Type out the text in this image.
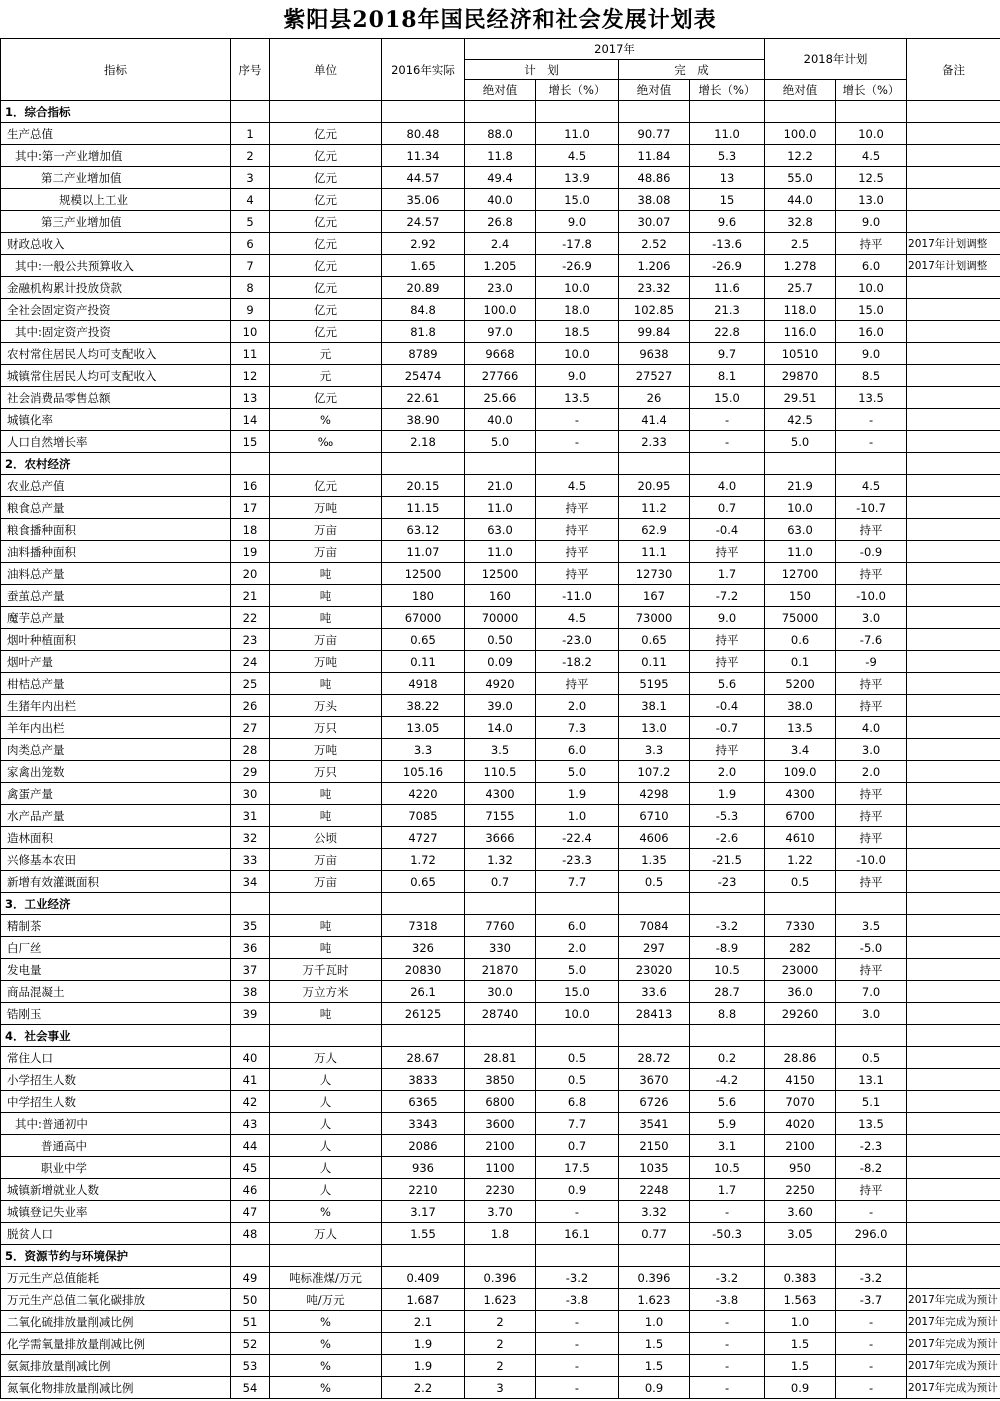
紫阳县2018年国民经济和社会发展计划表
指标	序号	单位	2016年实际	2017年				2018年计划		备注
				计　划		完　成				
				绝对值	增长（%）	绝对值	增长（%）	绝对值	增长（%）	
1．综合指标										
生产总值	1	亿元	80.48	88.0	11.0	90.77	11.0	100.0	10.0	
其中:第一产业增加值	2	亿元	11.34	11.8	4.5	11.84	5.3	12.2	4.5	
第二产业增加值	3	亿元	44.57	49.4	13.9	48.86	13	55.0	12.5	
规模以上工业	4	亿元	35.06	40.0	15.0	38.08	15	44.0	13.0	
第三产业增加值	5	亿元	24.57	26.8	9.0	30.07	9.6	32.8	9.0	
财政总收入	6	亿元	2.92	2.4	-17.8	2.52	-13.6	2.5	持平	2017年计划调整
其中:一般公共预算收入	7	亿元	1.65	1.205	-26.9	1.206	-26.9	1.278	6.0	2017年计划调整
金融机构累计投放贷款	8	亿元	20.89	23.0	10.0	23.32	11.6	25.7	10.0	
全社会固定资产投资	9	亿元	84.8	100.0	18.0	102.85	21.3	118.0	15.0	
其中:固定资产投资	10	亿元	81.8	97.0	18.5	99.84	22.8	116.0	16.0	
农村常住居民人均可支配收入	11	元	8789	9668	10.0	9638	9.7	10510	9.0	
城镇常住居民人均可支配收入	12	元	25474	27766	9.0	27527	8.1	29870	8.5	
社会消费品零售总额	13	亿元	22.61	25.66	13.5	26	15.0	29.51	13.5	
城镇化率	14	%	38.90	40.0	-	41.4	-	42.5	-	
人口自然增长率	15	‰	2.18	5.0	-	2.33	-	5.0	-	
2．农村经济										
农业总产值	16	亿元	20.15	21.0	4.5	20.95	4.0	21.9	4.5	
粮食总产量	17	万吨	11.15	11.0	持平	11.2	0.7	10.0	-10.7	
粮食播种面积	18	万亩	63.12	63.0	持平	62.9	-0.4	63.0	持平	
油料播种面积	19	万亩	11.07	11.0	持平	11.1	持平	11.0	-0.9	
油料总产量	20	吨	12500	12500	持平	12730	1.7	12700	持平	
蚕茧总产量	21	吨	180	160	-11.0	167	-7.2	150	-10.0	
魔芋总产量	22	吨	67000	70000	4.5	73000	9.0	75000	3.0	
烟叶种植面积	23	万亩	0.65	0.50	-23.0	0.65	持平	0.6	-7.6	
烟叶产量	24	万吨	0.11	0.09	-18.2	0.11	持平	0.1	-9	
柑桔总产量	25	吨	4918	4920	持平	5195	5.6	5200	持平	
生猪年内出栏	26	万头	38.22	39.0	2.0	38.1	-0.4	38.0	持平	
羊年内出栏	27	万只	13.05	14.0	7.3	13.0	-0.7	13.5	4.0	
肉类总产量	28	万吨	3.3	3.5	6.0	3.3	持平	3.4	3.0	
家禽出笼数	29	万只	105.16	110.5	5.0	107.2	2.0	109.0	2.0	
禽蛋产量	30	吨	4220	4300	1.9	4298	1.9	4300	持平	
水产品产量	31	吨	7085	7155	1.0	6710	-5.3	6700	持平	
造林面积	32	公顷	4727	3666	-22.4	4606	-2.6	4610	持平	
兴修基本农田	33	万亩	1.72	1.32	-23.3	1.35	-21.5	1.22	-10.0	
新增有效灌溉面积	34	万亩	0.65	0.7	7.7	0.5	-23	0.5	持平	
3．工业经济										
精制茶	35	吨	7318	7760	6.0	7084	-3.2	7330	3.5	
白厂丝	36	吨	326	330	2.0	297	-8.9	282	-5.0	
发电量	37	万千瓦时	20830	21870	5.0	23020	10.5	23000	持平	
商品混凝土	38	万立方米	26.1	30.0	15.0	33.6	28.7	36.0	7.0	
锆刚玉	39	吨	26125	28740	10.0	28413	8.8	29260	3.0	
4．社会事业										
常住人口	40	万人	28.67	28.81	0.5	28.72	0.2	28.86	0.5	
小学招生人数	41	人	3833	3850	0.5	3670	-4.2	4150	13.1	
中学招生人数	42	人	6365	6800	6.8	6726	5.6	7070	5.1	
其中:普通初中	43	人	3343	3600	7.7	3541	5.9	4020	13.5	
普通高中	44	人	2086	2100	0.7	2150	3.1	2100	-2.3	
职业中学	45	人	936	1100	17.5	1035	10.5	950	-8.2	
城镇新增就业人数	46	人	2210	2230	0.9	2248	1.7	2250	持平	
城镇登记失业率	47	%	3.17	3.70	-	3.32	-	3.60	-	
脱贫人口	48	万人	1.55	1.8	16.1	0.77	-50.3	3.05	296.0	
5．资源节约与环境保护										
万元生产总值能耗	49	吨标准煤/万元	0.409	0.396	-3.2	0.396	-3.2	0.383	-3.2	
万元生产总值二氧化碳排放	50	吨/万元	1.687	1.623	-3.8	1.623	-3.8	1.563	-3.7	2017年完成为预计
二氧化硫排放量削减比例	51	%	2.1	2	-	1.0	-	1.0	-	2017年完成为预计
化学需氧量排放量削减比例	52	%	1.9	2	-	1.5	-	1.5	-	2017年完成为预计
氨氮排放量削减比例	53	%	1.9	2	-	1.5	-	1.5	-	2017年完成为预计
氮氧化物排放量削减比例	54	%	2.2	3	-	0.9	-	0.9	-	2017年完成为预计
